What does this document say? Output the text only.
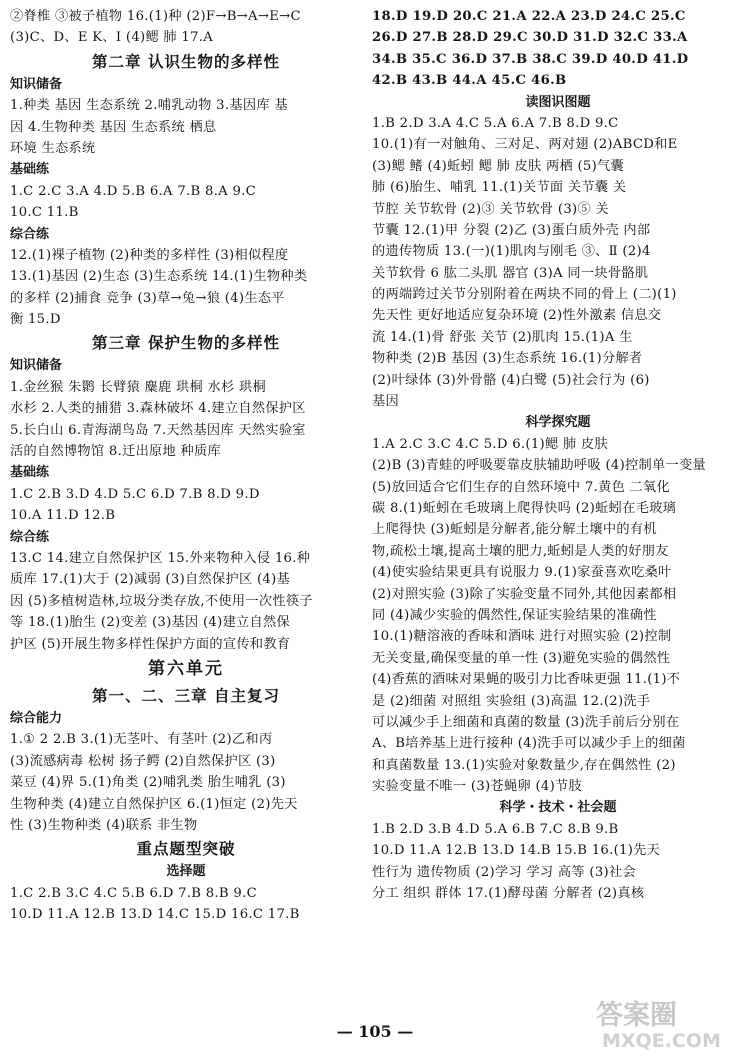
②脊椎 ③被子植物 16.(1)种 (2)F→B→A→E→C
(3)C、D、E K、I (4)鳃 肺 17.A
第二章 认识生物的多样性
知识储备
1.种类 基因 生态系统 2.哺乳动物 3.基因库 基
因 4.生物种类 基因 生态系统 栖息
环境 生态系统
基础练
1.C 2.C 3.A 4.D 5.B 6.A 7.B 8.A 9.C
10.C 11.B
综合练
12.(1)裸子植物 (2)种类的多样性 (3)相似程度
13.(1)基因 (2)生态 (3)生态系统 14.(1)生物种类
的多样 (2)捕食 竞争 (3)草→兔→狼 (4)生态平
衡 15.D
第三章 保护生物的多样性
知识储备
1.金丝猴 朱鹮 长臂猿 麋鹿 珙桐 水杉 珙桐
水杉 2.人类的捕猎 3.森林破坏 4.建立自然保护区
5.长白山 6.青海湖鸟岛 7.天然基因库 天然实验室
活的自然博物馆 8.迁出原地 种质库
基础练
1.C 2.B 3.D 4.D 5.C 6.D 7.B 8.D 9.D
10.A 11.D 12.B
综合练
13.C 14.建立自然保护区 15.外来物种入侵 16.种
质库 17.(1)大于 (2)减弱 (3)自然保护区 (4)基
因 (5)多植树造林,垃圾分类存放,不使用一次性筷子
等 18.(1)胎生 (2)变差 (3)基因 (4)建立自然保
护区 (5)开展生物多样性保护方面的宣传和教育
第六单元
第一、二、三章 自主复习
综合能力
1.① 2 2.B 3.(1)无茎叶、有茎叶 (2)乙和丙
(3)流感病毒 松树 扬子鳄 (2)自然保护区 (3)
菜豆 (4)界 5.(1)角类 (2)哺乳类 胎生哺乳 (3)
生物种类 (4)建立自然保护区 6.(1)恒定 (2)先天
性 (3)生物种类 (4)联系 非生物
重点题型突破
选择题
1.C 2.B 3.C 4.C 5.B 6.D 7.B 8.B 9.C
10.D 11.A 12.B 13.D 14.C 15.D 16.C 17.B
18.D 19.D 20.C 21.A 22.A 23.D 24.C 25.C
26.D 27.B 28.D 29.C 30.D 31.D 32.C 33.A
34.B 35.C 36.D 37.B 38.C 39.D 40.D 41.D
42.B 43.B 44.A 45.C 46.B
读图识图题
1.B 2.D 3.A 4.C 5.A 6.A 7.B 8.D 9.C
10.(1)有一对触角、三对足、两对翅 (2)ABCD和E
(3)鳃 鳍 (4)蚯蚓 鳃 肺 皮肤 两栖 (5)气囊
肺 (6)胎生、哺乳 11.(1)关节面 关节囊 关
节腔 关节软骨 (2)③ 关节软骨 (3)⑤ 关
节囊 12.(1)甲 分裂 (2)乙 (3)蛋白质外壳 内部
的遗传物质 13.(一)(1)肌肉与刚毛 ③、Ⅱ (2)4
关节软骨 6 肱二头肌 器官 (3)A 同一块骨骼肌
的两端跨过关节分别附着在两块不同的骨上 (二)(1)
先天性 更好地适应复杂环境 (2)性外激素 信息交
流 14.(1)骨 舒张 关节 (2)肌肉 15.(1)A 生
物种类 (2)B 基因 (3)生态系统 16.(1)分解者
(2)叶绿体 (3)外骨骼 (4)白鹭 (5)社会行为 (6)
基因
科学探究题
1.A 2.C 3.C 4.C 5.D 6.(1)鳃 肺 皮肤
(2)B (3)青蛙的呼吸要靠皮肤辅助呼吸 (4)控制单一变量
(5)放回适合它们生存的自然环境中 7.黄色 二氧化
碳 8.(1)蚯蚓在毛玻璃上爬得快吗 (2)蚯蚓在毛玻璃
上爬得快 (3)蚯蚓是分解者,能分解土壤中的有机
物,疏松土壤,提高土壤的肥力,蚯蚓是人类的好朋友
(4)使实验结果更具有说服力 9.(1)家蚕喜欢吃桑叶
(2)对照实验 (3)除了实验变量不同外,其他因素都相
同 (4)减少实验的偶然性,保证实验结果的准确性
10.(1)糖溶液的香味和酒味 进行对照实验 (2)控制
无关变量,确保变量的单一性 (3)避免实验的偶然性
(4)香蕉的酒味对果蝇的吸引力比香味更强 11.(1)不
是 (2)细菌 对照组 实验组 (3)高温 12.(2)洗手
可以减少手上细菌和真菌的数量 (3)洗手前后分别在
A、B培养基上进行接种 (4)洗手可以减少手上的细菌
和真菌数量 13.(1)实验对象数量少,存在偶然性 (2)
实验变量不唯一 (3)苍蝇卵 (4)节肢
科学・技术・社会题
1.B 2.D 3.B 4.D 5.A 6.B 7.C 8.B 9.B
10.D 11.A 12.B 13.D 14.B 15.B 16.(1)先天
性行为 遗传物质 (2)学习 学习 高等 (3)社会
分工 组织 群体 17.(1)酵母菌 分解者 (2)真核
— 105 —
答案圈
MXQE.COM
